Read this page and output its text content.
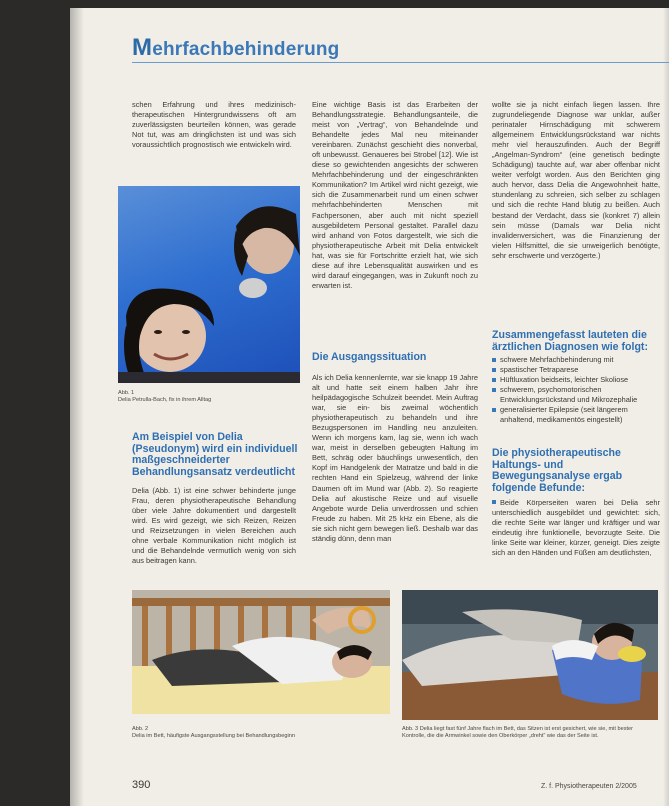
Mehrfachbehinderung

schen Erfahrung und ihres medizinisch-therapeutischen Hintergrundwissens oft am zuverlässigsten beurteilen können, was gerade Not tut, was am dringlichsten ist und was sich voraussichtlich prognostisch wie entwickeln wird.

Abb. 1
Delia Petrulla-Bach, fix in ihrem Alltag
Am Beispiel von Delia (Pseudonym) wird ein individuell maßgeschneiderter Behandlungsansatz verdeutlicht

Delia (Abb. 1) ist eine schwer behinderte junge Frau, deren physiotherapeutische Behandlung über viele Jahre dokumentiert und dargestellt wird. Es wird gezeigt, wie sich Reizen, Reizen und Reizsetzungen in vielen Bereichen auch ohne verbale Kommunikation nicht möglich ist und die Behandelnde vermutlich wenig von sich aus beitragen kann.

Eine wichtige Basis ist das Erarbeiten der Behandlungsstrategie. Behandlungsanteile, die meist von „Vertrag“, von Behandelnde und Behandelte jedes Mal neu miteinander vereinbaren. Zunächst geschieht dies nonverbal, oft unbewusst. Genaueres bei Strobel [12]. Wie ist diese so gewichtenden angesichts der schweren Mehrfachbehinderung und der eingeschränkten Kommunikation? Im Artikel wird nicht gezeigt, wie sich die Zusammenarbeit rund um einen schwer mehrfachbehinderten Menschen mit Fachpersonen, aber auch mit nicht speziell ausgebildetem Personal gestaltet. Parallel dazu wird anhand von Fotos dargestellt, wie sich die physiotherapeutische Arbeit mit Delia entwickelt hat, was sie für Fortschritte erzielt hat, wie sich diese auf ihre Lebensqualität auswirken und es wird darauf eingegangen, was in Zukunft noch zu erwarten ist.

Die Ausgangssituation

Als ich Delia kennenlernte, war sie knapp 19 Jahre alt und hatte seit einem halben Jahr ihre heilpädagogische Schulzeit beendet. Mein Auftrag war, sie ein- bis zweimal wöchentlich physiotherapeutisch zu behandeln und ihre Bezugspersonen im Handling neu anzuleiten. Wenn ich morgens kam, lag sie, wenn ich wach war, meist in derselben gebeugten Haltung im Bett, schräg oder bäuchlings unwesentlich, den Kopf im Handgelenk der Matratze und bald in die rechten Hand ein Spielzeug, während der linke Daumen oft im Mund war (Abb. 2). So reagierte Delia auf akustische Reize und auf visuelle Angebote wurde Delia unverdrossen und schien Freude zu haben. Mit 25 kHz ein Ebene, als die sie sich nicht gern bewegen ließ. Deshalb war das ständig dünn, denn man

wollte sie ja nicht einfach liegen lassen. Ihre zugrundeliegende Diagnose war unklar, außer perinataler Hirnschädigung mit schwerem allgemeinem Entwicklungsrückstand war nichts mehr viel herauszufinden. Auch der Begriff „Angelman-Syndrom“ (eine genetisch bedingte Schädigung) tauchte auf, war aber offenbar nicht weiter verfolgt worden. Aus den Berichten ging auch hervor, dass Delia die Angewohnheit hatte, stundenlang zu schreien, sich selber zu schlagen und sich die rechte Hand blutig zu beißen. Auch bestand der Verdacht, dass sie (konkret 7) allein sein müsse (Damals war Delia nicht invalidenversichert, was die Finanzierung der vielen Hilfsmittel, die sie unweigerlich benötigte, sehr erschwerte und verzögerte.)

Zusammengefasst lauteten die ärztlichen Diagnosen wie folgt:
schwere Mehrfachbehinderung mit
spastischer Tetraparese
Hüftluxation beidseits, leichter Skoliose
schwerem, psychomotorischen Entwicklungsrückstand und Mikrozephalie
generalisierter Epilepsie (seit längerem anhaltend, medikamentös eingestellt)
Die physiotherapeutische Haltungs- und Bewegungsanalyse ergab folgende Befunde:

Beide Körperseiten waren bei Delia sehr unterschiedlich ausgebildet und gewichtet: sich, die rechte Seite war länger und kräftiger und war eindeutig ihre funktionelle, bevorzugte Seite. Die linke Seite war kleiner, kürzer, geneigt. Dies zeigte sich an den Händen und Füßen am deutlichsten,

Abb. 2
Delia im Bett, häufigste Ausgangsstellung bei Behandlungsbeginn
Abb. 3 Delia liegt fast fünf Jahre flach im Bett, das Sitzen ist erst gesichert, wie sie, mit bester Kontrolle, die die Armwinkel sowie den Oberkörper „dreht“ wie das der Seite ist.
390	Z. f. Physiotherapeuten 2/2005
